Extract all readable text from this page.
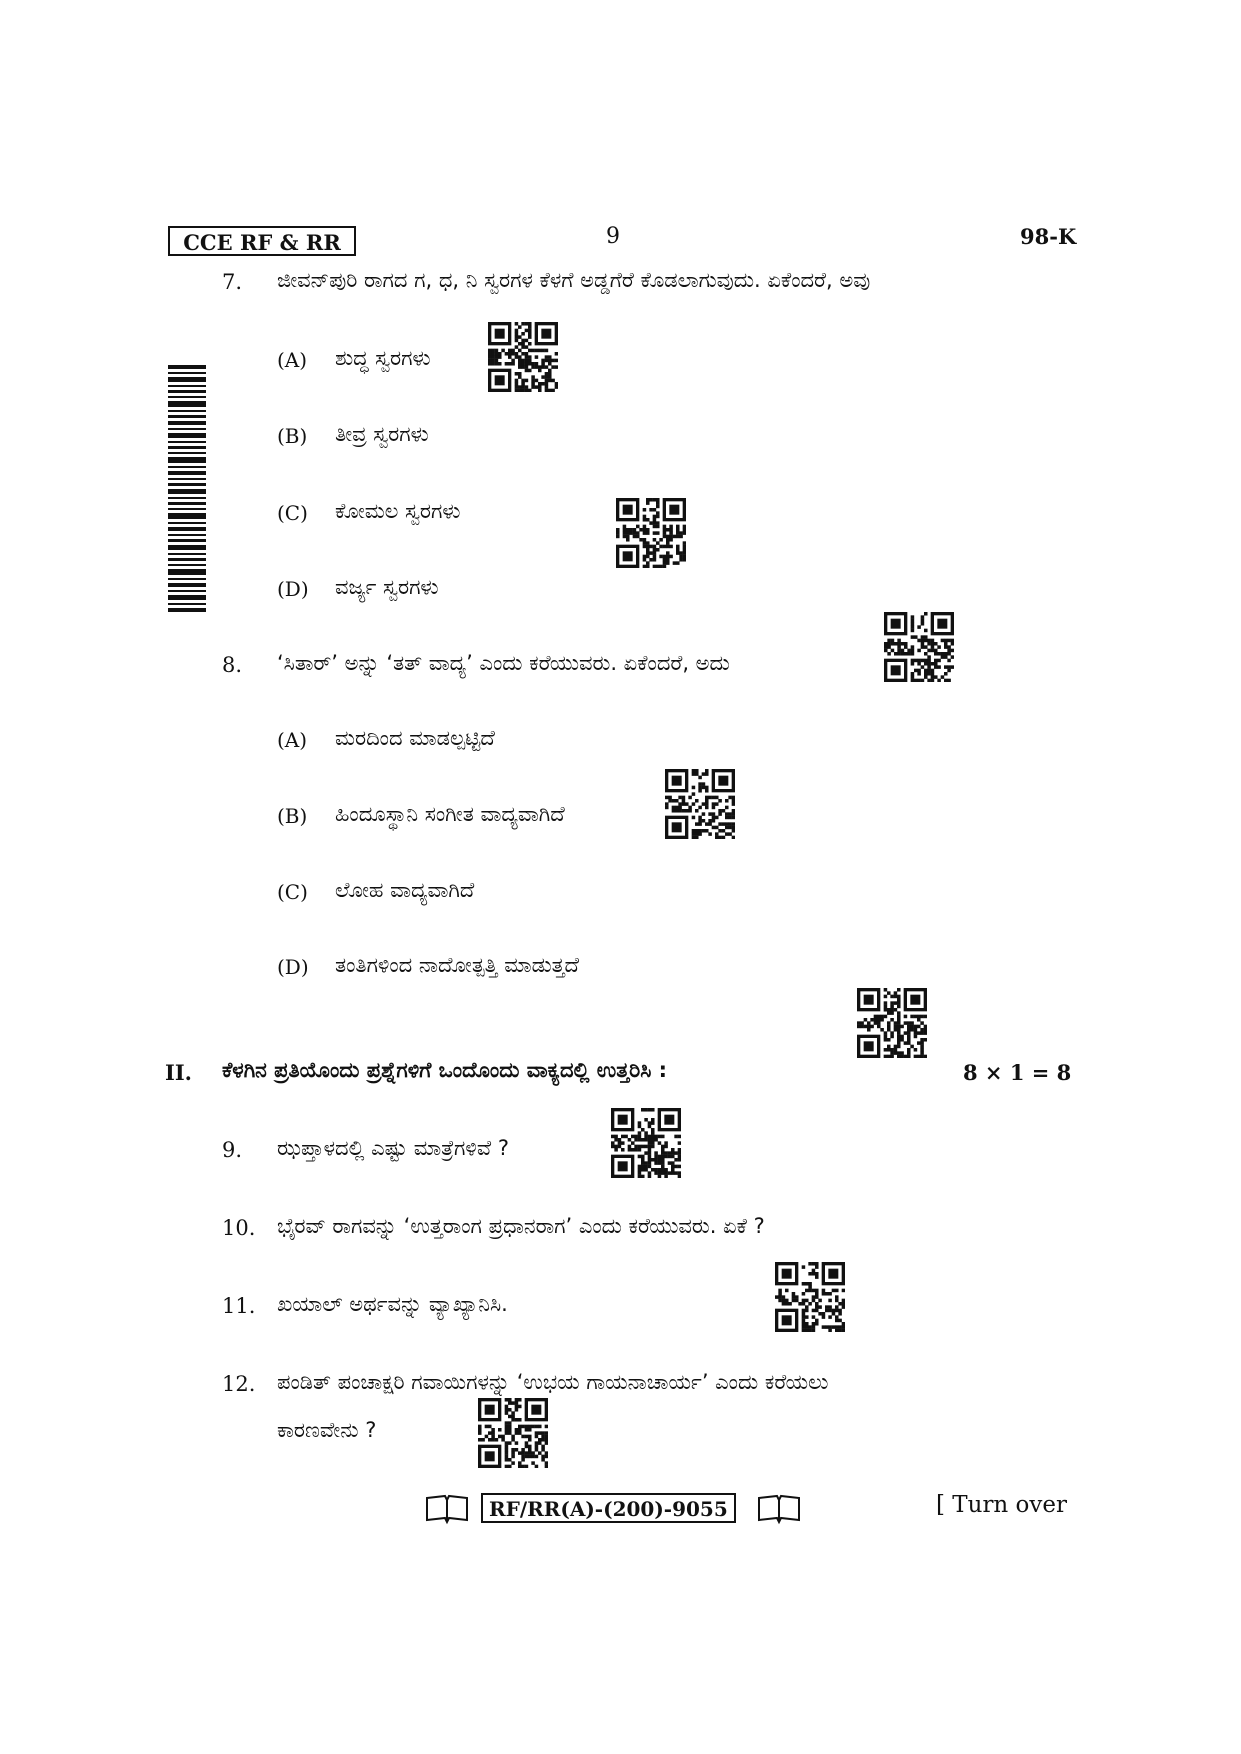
CCE RF & RR	9	98-K
7. ಜೀವನ್‌ಪುರಿ ರಾಗದ ಗ, ಧ, ನಿ ಸ್ವರಗಳ ಕೆಳಗೆ ಅಡ್ಡಗೆರೆ ಕೊಡಲಾಗುವುದು. ಏಕೆಂದರೆ, ಅವು
(A) ಶುದ್ಧ ಸ್ವರಗಳು
(B) ತೀವ್ರ ಸ್ವರಗಳು
(C) ಕೋಮಲ ಸ್ವರಗಳು
(D) ವರ್ಜ್ಯ ಸ್ವರಗಳು
8. ‘ಸಿತಾರ್’ ಅನ್ನು ‘ತತ್ ವಾದ್ಯ’ ಎಂದು ಕರೆಯುವರು. ಏಕೆಂದರೆ, ಅದು
(A) ಮರದಿಂದ ಮಾಡಲ್ಪಟ್ಟಿದೆ
(B) ಹಿಂದೂಸ್ಥಾನಿ ಸಂಗೀತ ವಾದ್ಯವಾಗಿದೆ
(C) ಲೋಹ ವಾದ್ಯವಾಗಿದೆ
(D) ತಂತಿಗಳಿಂದ ನಾದೋತ್ಪತ್ತಿ ಮಾಡುತ್ತದೆ
II. ಕೆಳಗಿನ ಪ್ರತಿಯೊಂದು ಪ್ರಶ್ನೆಗಳಿಗೆ ಒಂದೊಂದು ವಾಕ್ಯದಲ್ಲಿ ಉತ್ತರಿಸಿ :	8 × 1 = 8
9. ಝಪ್ತಾಳದಲ್ಲಿ ಎಷ್ಟು ಮಾತ್ರೆಗಳಿವೆ ?
10. ಭೈರವ್ ರಾಗವನ್ನು ‘ಉತ್ತರಾಂಗ ಪ್ರಧಾನರಾಗ’ ಎಂದು ಕರೆಯುವರು. ಏಕೆ ?
11. ಖಯಾಲ್ ಅರ್ಥವನ್ನು ವ್ಯಾಖ್ಯಾನಿಸಿ.
12. ಪಂಡಿತ್ ಪಂಚಾಕ್ಷರಿ ಗವಾಯಿಗಳನ್ನು ‘ಉಭಯ ಗಾಯನಾಚಾರ್ಯ’ ಎಂದು ಕರೆಯಲು
ಕಾರಣವೇನು ?
RF/RR(A)-(200)-9055	[ Turn over
